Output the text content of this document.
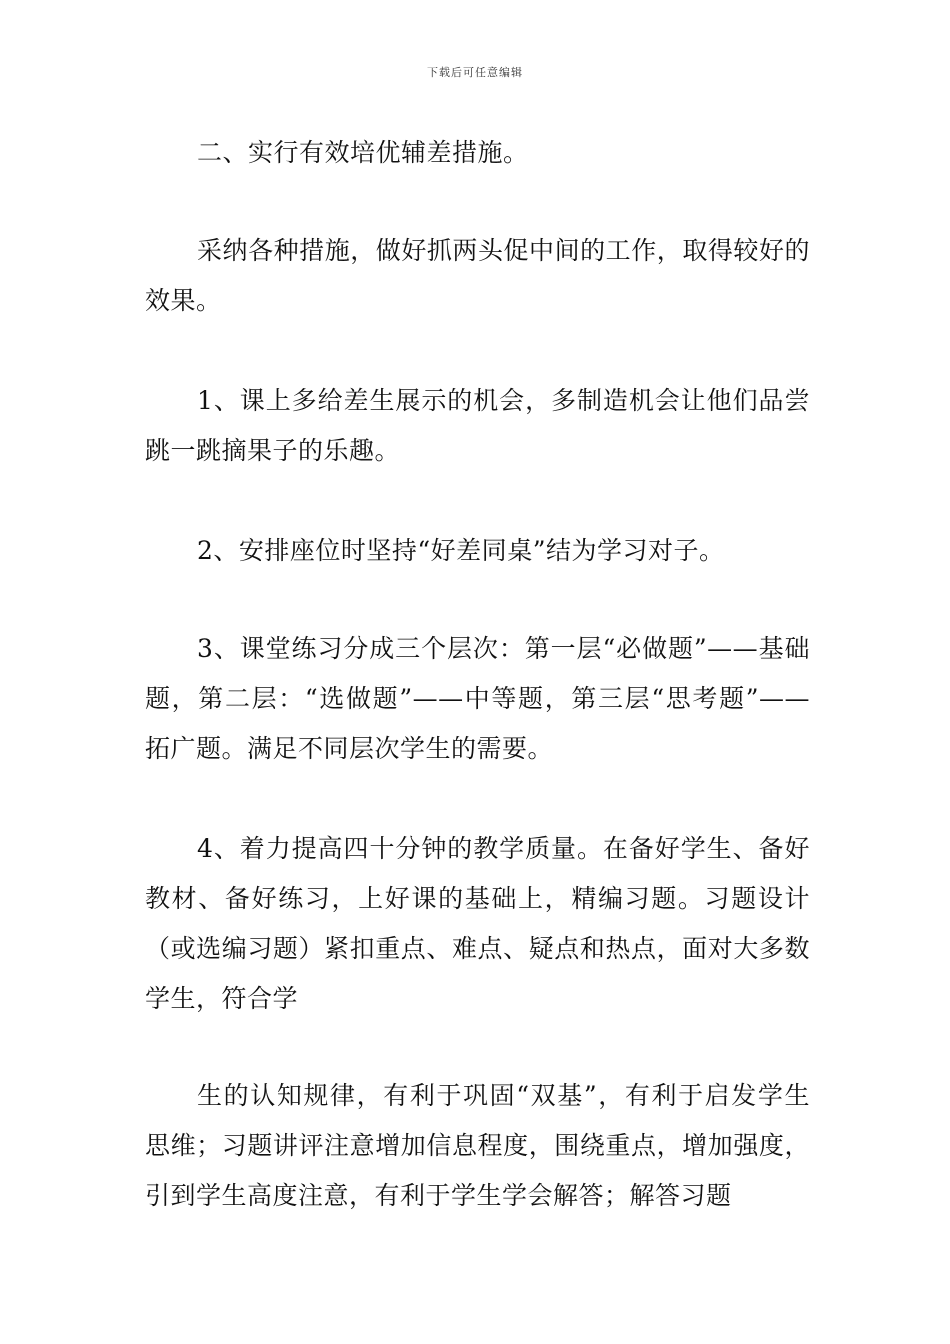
下载后可任意编辑

二、实行有效培优辅差措施。

采纳各种措施，做好抓两头促中间的工作，取得较好的效果。

1、课上多给差生展示的机会，多制造机会让他们品尝跳一跳摘果子的乐趣。

2、安排座位时坚持“好差同桌”结为学习对子。

3、课堂练习分成三个层次：第一层“必做题”——基础题，第二层：“选做题”——中等题，第三层“思考题”——拓广题。满足不同层次学生的需要。

4、着力提高四十分钟的教学质量。在备好学生、备好教材、备好练习，上好课的基础上，精编习题。习题设计（或选编习题）紧扣重点、难点、疑点和热点，面对大多数学生，符合学

生的认知规律，有利于巩固“双基”，有利于启发学生思维；习题讲评注意增加信息程度，围绕重点，增加强度，引到学生高度注意，有利于学生学会解答；解答习题
